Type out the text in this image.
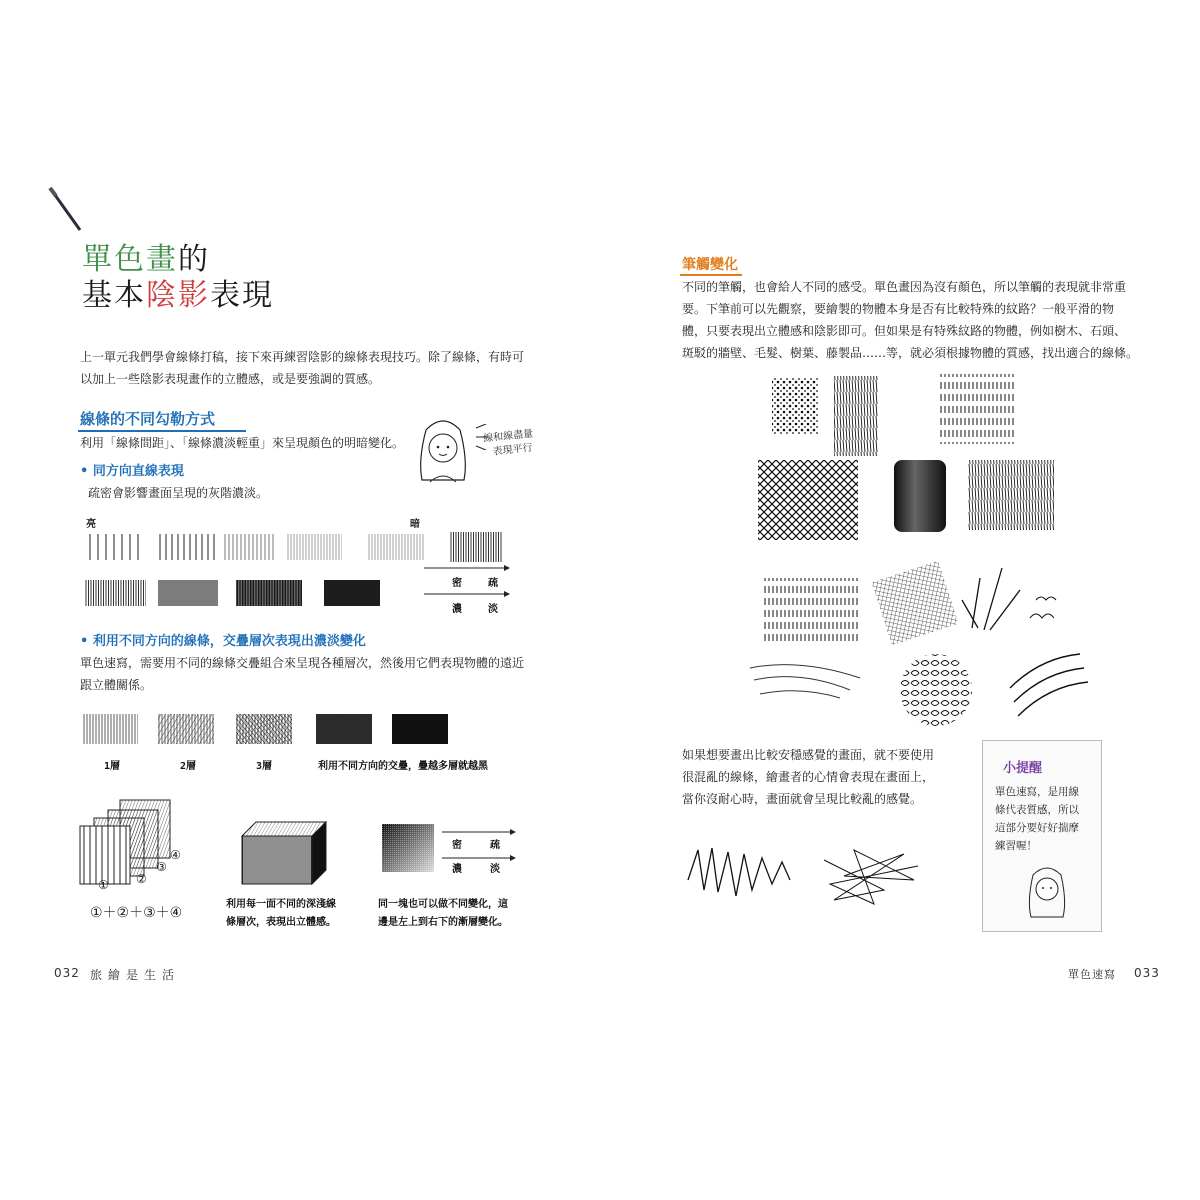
單色畫的
基本陰影表現
上一單元我們學會線條打稿，接下來再練習陰影的線條表現技巧。除了線條，有時可
以加上一些陰影表現畫作的立體感，或是要強調的質感。
線條的不同勾勒方式
利用「線條間距」、「線條濃淡輕重」來呈現顏色的明暗變化。	線和線盡量
表現平行
• 同方向直線表現
疏密會影響畫面呈現的灰階濃淡。
亮	暗
密	疏
濃	淡
• 利用不同方向的線條，交疊層次表現出濃淡變化
單色速寫，需要用不同的線條交疊組合來呈現各種層次，然後用它們表現物體的遠近
跟立體關係。
1層	2層	3層	利用不同方向的交疊，疊越多層就越黑
④
③
②
①
①＋②＋③＋④
利用每一面不同的深淺線
條層次，表現出立體感。
密	疏
濃	淡
同一塊也可以做不同變化，這
邊是左上到右下的漸層變化。
032 旅繪是生活
筆觸變化
不同的筆觸，也會給人不同的感受。單色畫因為沒有顏色，所以筆觸的表現就非常重
要。下筆前可以先觀察，要繪製的物體本身是否有比較特殊的紋路？一般平滑的物
體，只要表現出立體感和陰影即可。但如果是有特殊紋路的物體，例如樹木、石頭、
斑駁的牆壁、毛髮、樹葉、藤製品……等，就必須根據物體的質感，找出適合的線條。
如果想要畫出比較安穩感覺的畫面，就不要使用
很混亂的線條，繪畫者的心情會表現在畫面上，
當你沒耐心時，畫面就會呈現比較亂的感覺。
小提醒
單色速寫，是用線
條代表質感，所以
這部分要好好揣摩
練習喔！
單色速寫 033
